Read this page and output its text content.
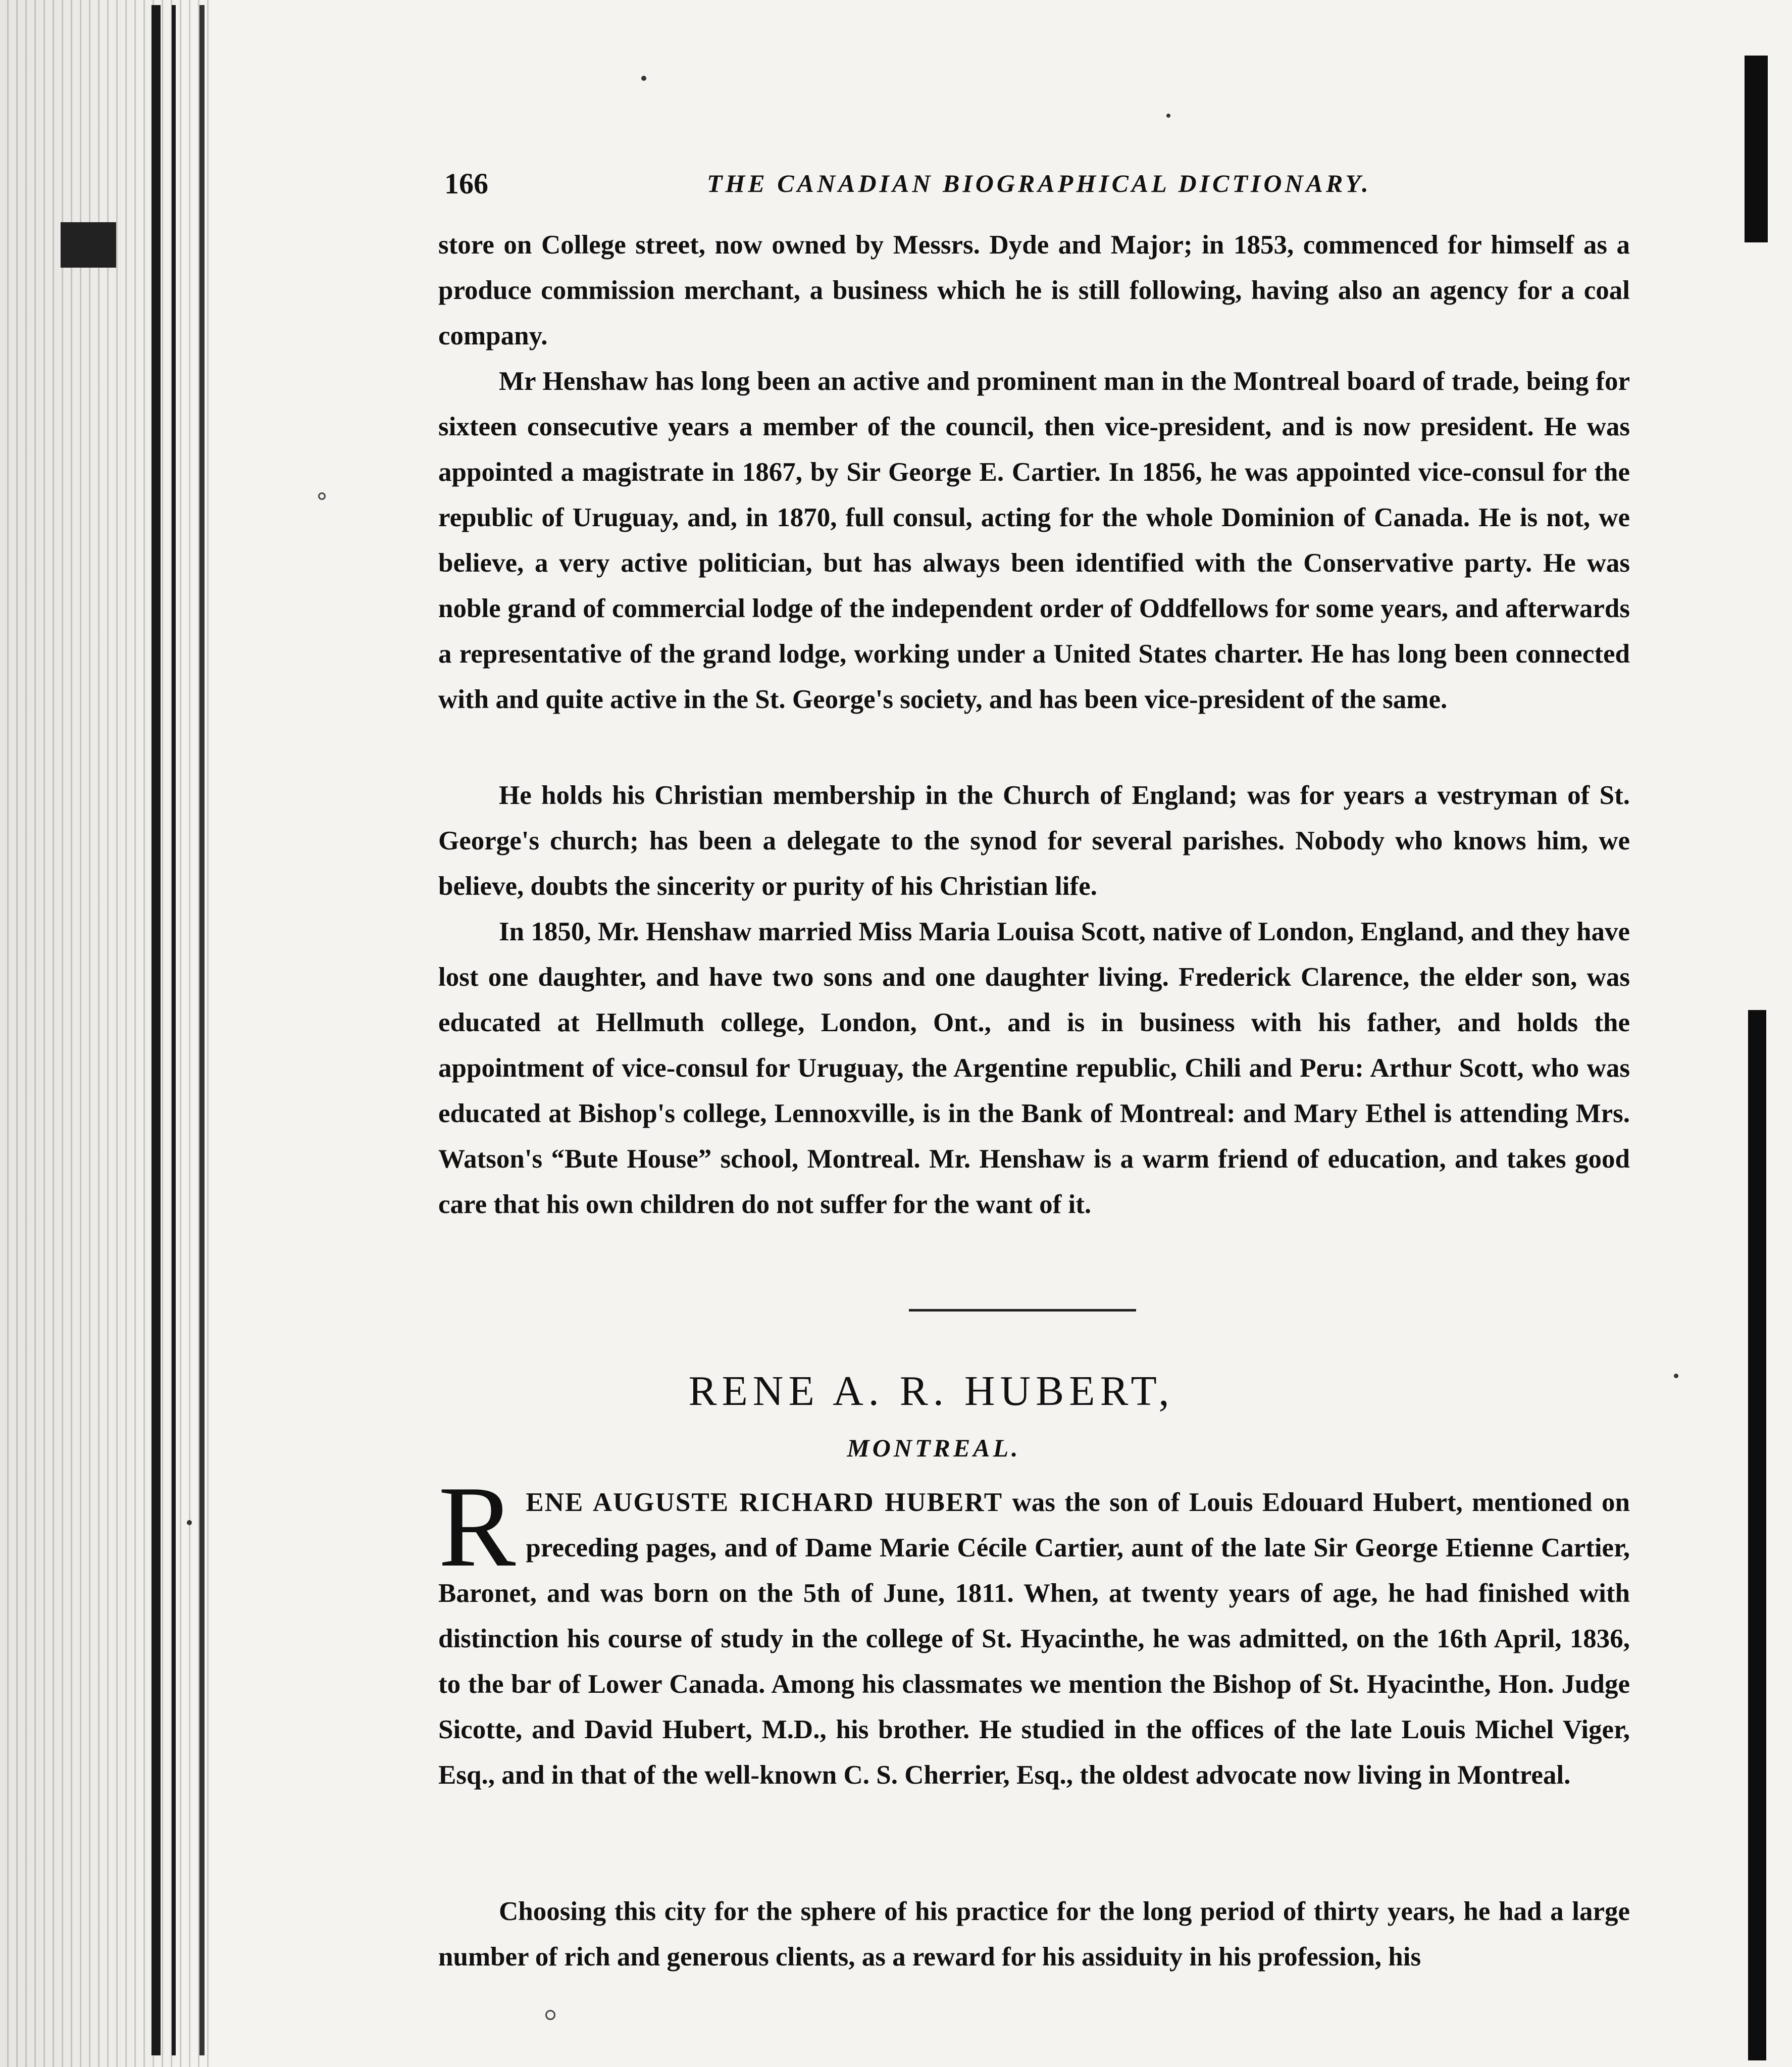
166	THE CANADIAN BIOGRAPHICAL DICTIONARY.

store on College street, now owned by Messrs. Dyde and Major; in 1853, commenced for himself as a produce commission merchant, a business which he is still following, having also an agency for a coal company.

Mr Henshaw has long been an active and prominent man in the Montreal board of trade, being for sixteen consecutive years a member of the council, then vice-president, and is now president. He was appointed a magistrate in 1867, by Sir George E. Cartier. In 1856, he was appointed vice-consul for the republic of Uruguay, and, in 1870, full consul, acting for the whole Dominion of Canada. He is not, we believe, a very active politician, but has always been identified with the Conservative party. He was noble grand of commercial lodge of the independent order of Oddfellows for some years, and afterwards a representative of the grand lodge, working under a United States charter. He has long been connected with and quite active in the St. George's society, and has been vice-president of the same.

He holds his Christian membership in the Church of England; was for years a vestryman of St. George's church; has been a delegate to the synod for several parishes. Nobody who knows him, we believe, doubts the sincerity or purity of his Christian life.

In 1850, Mr. Henshaw married Miss Maria Louisa Scott, native of London, England, and they have lost one daughter, and have two sons and one daughter living. Frederick Clarence, the elder son, was educated at Hellmuth college, London, Ont., and is in business with his father, and holds the appointment of vice-consul for Uruguay, the Argentine republic, Chili and Peru: Arthur Scott, who was educated at Bishop's college, Lennoxville, is in the Bank of Montreal: and Mary Ethel is attending Mrs. Watson's “Bute House” school, Montreal. Mr. Henshaw is a warm friend of education, and takes good care that his own children do not suffer for the want of it.

RENE A. R. HUBERT,
MONTREAL.

RENE AUGUSTE RICHARD HUBERT was the son of Louis Edouard Hubert, mentioned on preceding pages, and of Dame Marie Cécile Cartier, aunt of the late Sir George Etienne Cartier, Baronet, and was born on the 5th of June, 1811. When, at twenty years of age, he had finished with distinction his course of study in the college of St. Hyacinthe, he was admitted, on the 16th April, 1836, to the bar of Lower Canada. Among his classmates we mention the Bishop of St. Hyacinthe, Hon. Judge Sicotte, and David Hubert, M.D., his brother. He studied in the offices of the late Louis Michel Viger, Esq., and in that of the well-known C. S. Cherrier, Esq., the oldest advocate now living in Montreal.

Choosing this city for the sphere of his practice for the long period of thirty years, he had a large number of rich and generous clients, as a reward for his assiduity in his profession, his
